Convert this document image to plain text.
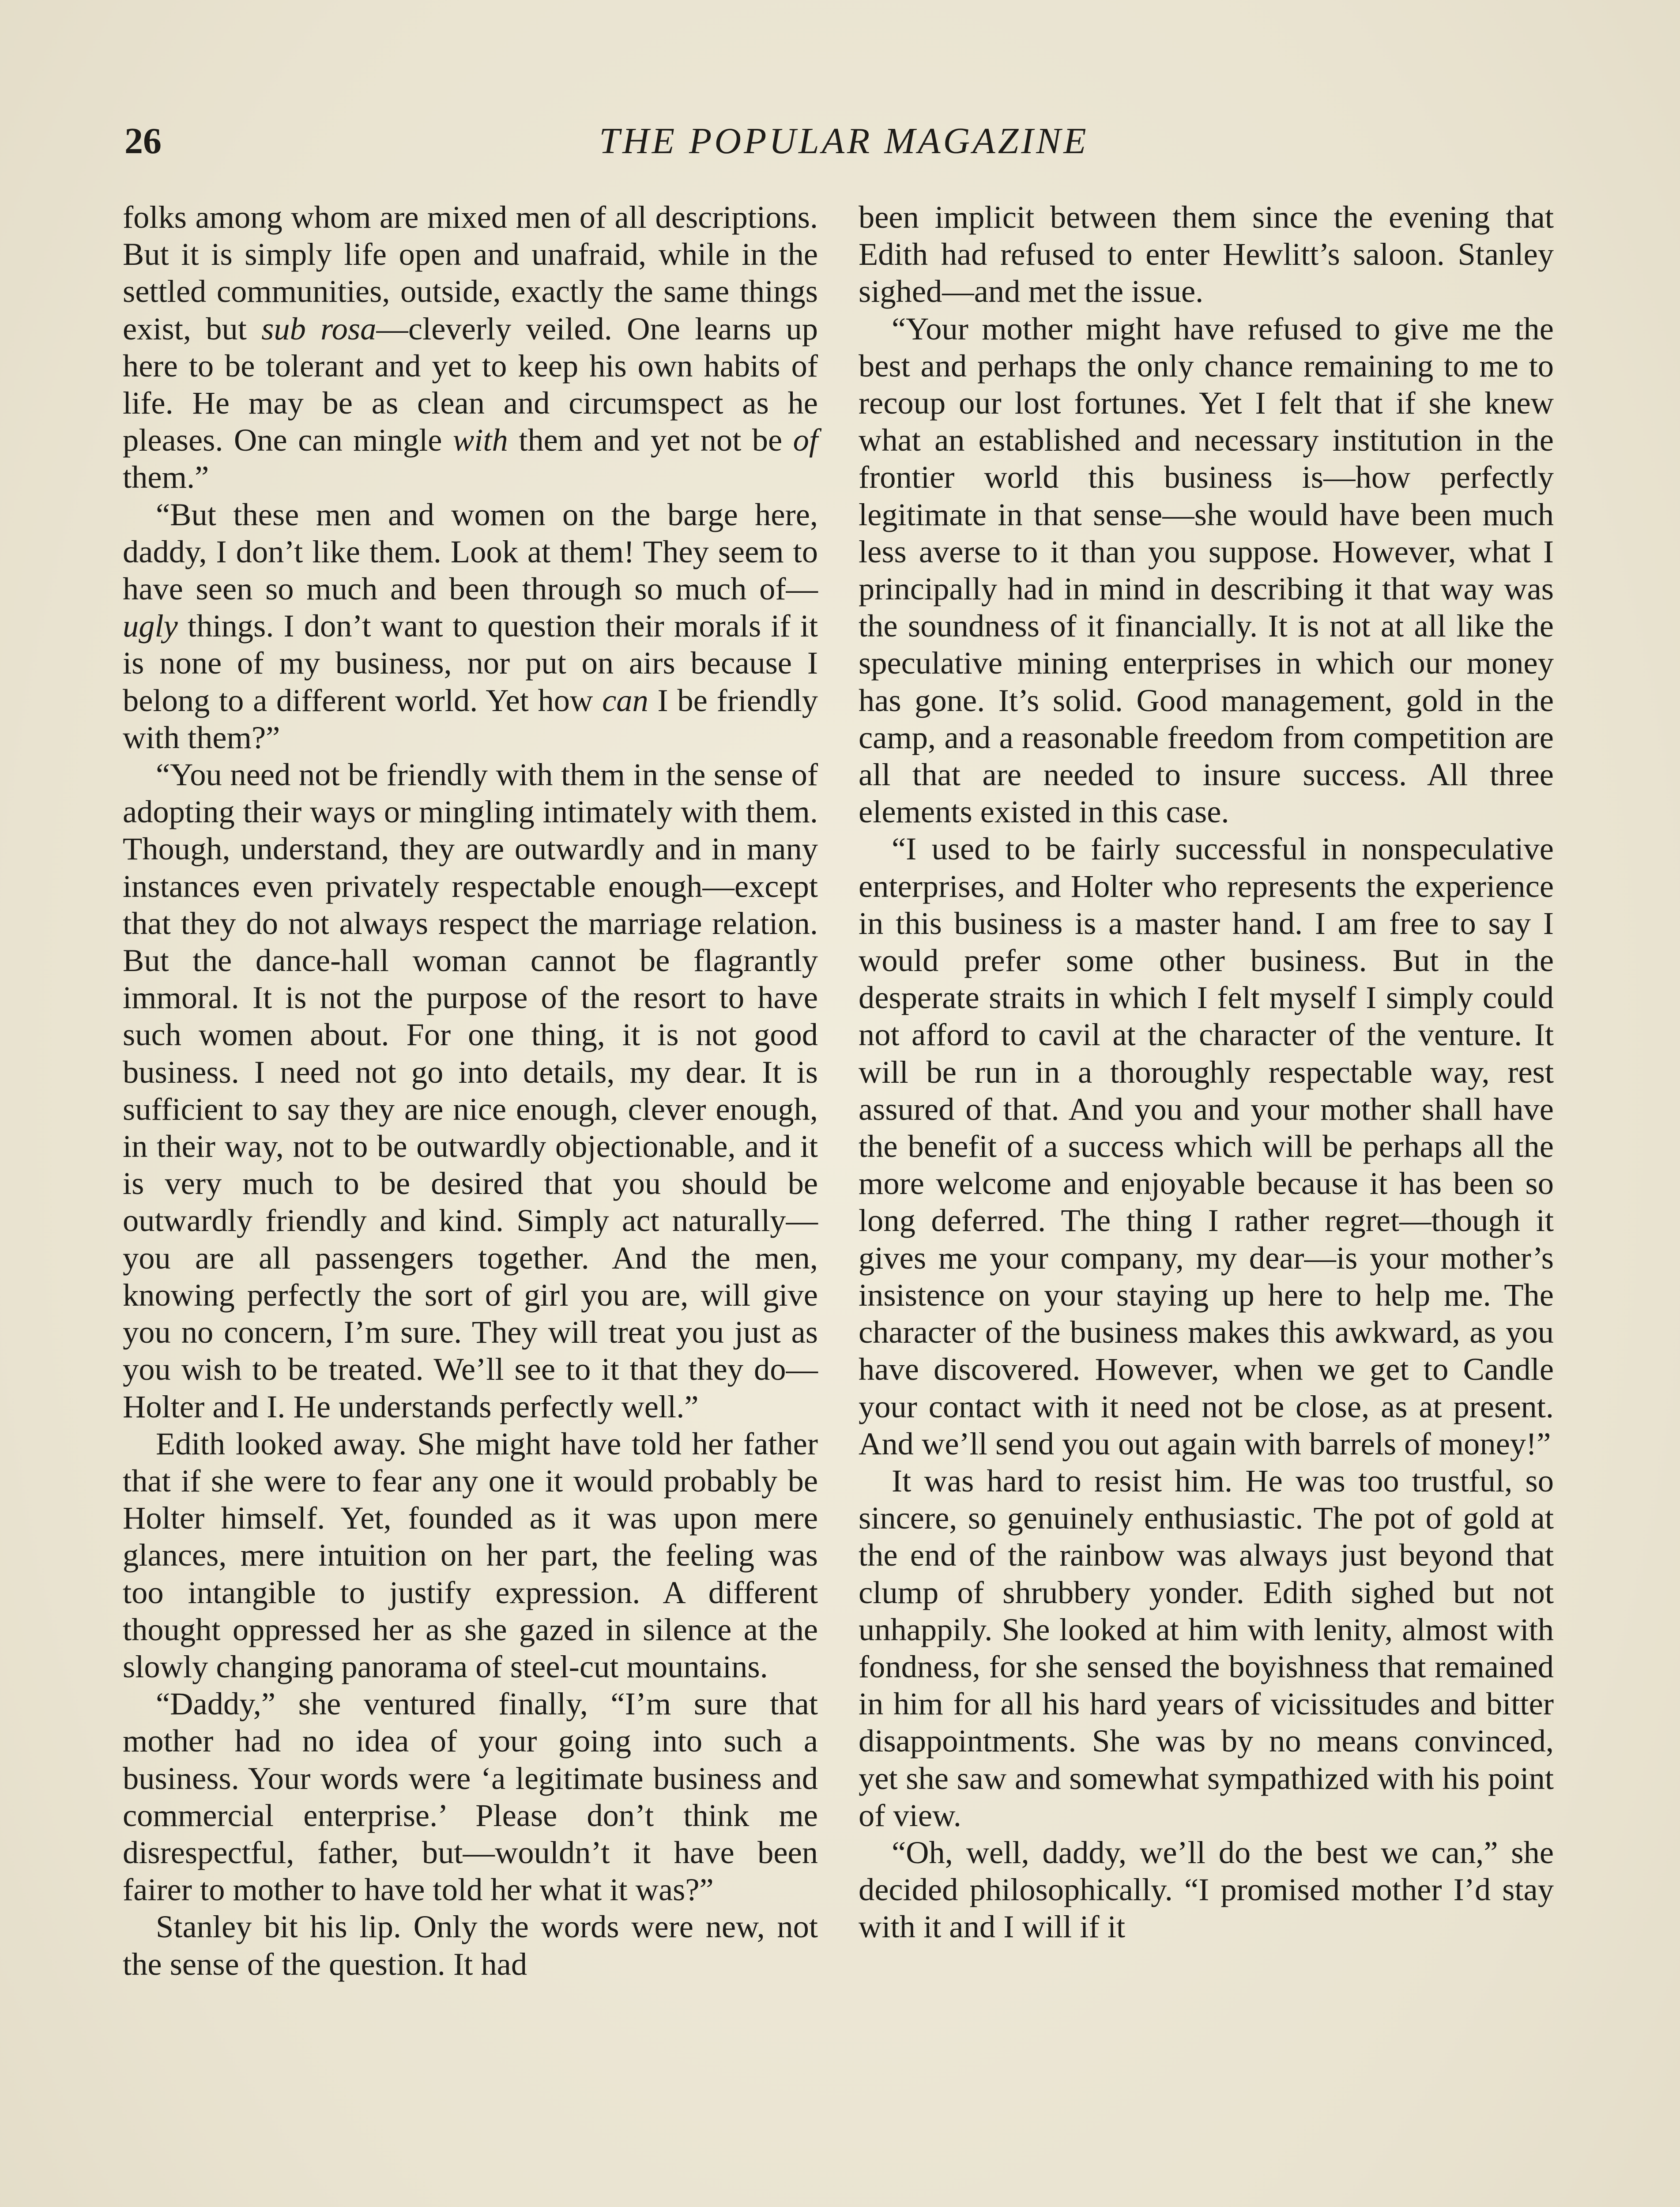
26	THE POPULAR MAGAZINE

folks among whom are mixed men of all descriptions. But it is simply life open and unafraid, while in the settled communities, outside, exactly the same things exist, but sub rosa—cleverly veiled. One learns up here to be tolerant and yet to keep his own habits of life. He may be as clean and circumspect as he pleases. One can mingle with them and yet not be of them.”

“But these men and women on the barge here, daddy, I don’t like them. Look at them! They seem to have seen so much and been through so much of—ugly things. I don’t want to question their morals if it is none of my business, nor put on airs because I belong to a different world. Yet how can I be friendly with them?”

“You need not be friendly with them in the sense of adopting their ways or mingling intimately with them. Though, understand, they are outwardly and in many instances even privately respectable enough—except that they do not always respect the marriage relation. But the dance-hall woman cannot be flagrantly immoral. It is not the purpose of the resort to have such women about. For one thing, it is not good business. I need not go into details, my dear. It is sufficient to say they are nice enough, clever enough, in their way, not to be outwardly objectionable, and it is very much to be desired that you should be outwardly friendly and kind. Simply act naturally—you are all passengers together. And the men, knowing perfectly the sort of girl you are, will give you no concern, I’m sure. They will treat you just as you wish to be treated. We’ll see to it that they do—Holter and I. He understands perfectly well.”

Edith looked away. She might have told her father that if she were to fear any one it would probably be Holter himself. Yet, founded as it was upon mere glances, mere intuition on her part, the feeling was too intangible to justify expression. A different thought oppressed her as she gazed in silence at the slowly changing panorama of steel-cut mountains.

“Daddy,” she ventured finally, “I’m sure that mother had no idea of your going into such a business. Your words were ‘a legitimate business and commercial enterprise.’ Please don’t think me disrespectful, father, but—wouldn’t it have been fairer to mother to have told her what it was?”

Stanley bit his lip. Only the words were new, not the sense of the question. It had

been implicit between them since the evening that Edith had refused to enter Hewlitt’s saloon. Stanley sighed—and met the issue.

“Your mother might have refused to give me the best and perhaps the only chance remaining to me to recoup our lost fortunes. Yet I felt that if she knew what an established and necessary institution in the frontier world this business is—how perfectly legitimate in that sense—she would have been much less averse to it than you suppose. However, what I principally had in mind in describing it that way was the soundness of it financially. It is not at all like the speculative mining enterprises in which our money has gone. It’s solid. Good management, gold in the camp, and a reasonable freedom from competition are all that are needed to insure success. All three elements existed in this case.

“I used to be fairly successful in nonspeculative enterprises, and Holter who represents the experience in this business is a master hand. I am free to say I would prefer some other business. But in the desperate straits in which I felt myself I simply could not afford to cavil at the character of the venture. It will be run in a thoroughly respectable way, rest assured of that. And you and your mother shall have the benefit of a success which will be perhaps all the more welcome and enjoyable because it has been so long deferred. The thing I rather regret—though it gives me your company, my dear—is your mother’s insistence on your staying up here to help me. The character of the business makes this awkward, as you have discovered. However, when we get to Candle your contact with it need not be close, as at present. And we’ll send you out again with barrels of money!”

It was hard to resist him. He was too trustful, so sincere, so genuinely enthusiastic. The pot of gold at the end of the rainbow was always just beyond that clump of shrubbery yonder. Edith sighed but not unhappily. She looked at him with lenity, almost with fondness, for she sensed the boyishness that remained in him for all his hard years of vicissitudes and bitter disappointments. She was by no means convinced, yet she saw and somewhat sympathized with his point of view.

“Oh, well, daddy, we’ll do the best we can,” she decided philosophically. “I promised mother I’d stay with it and I will if it
